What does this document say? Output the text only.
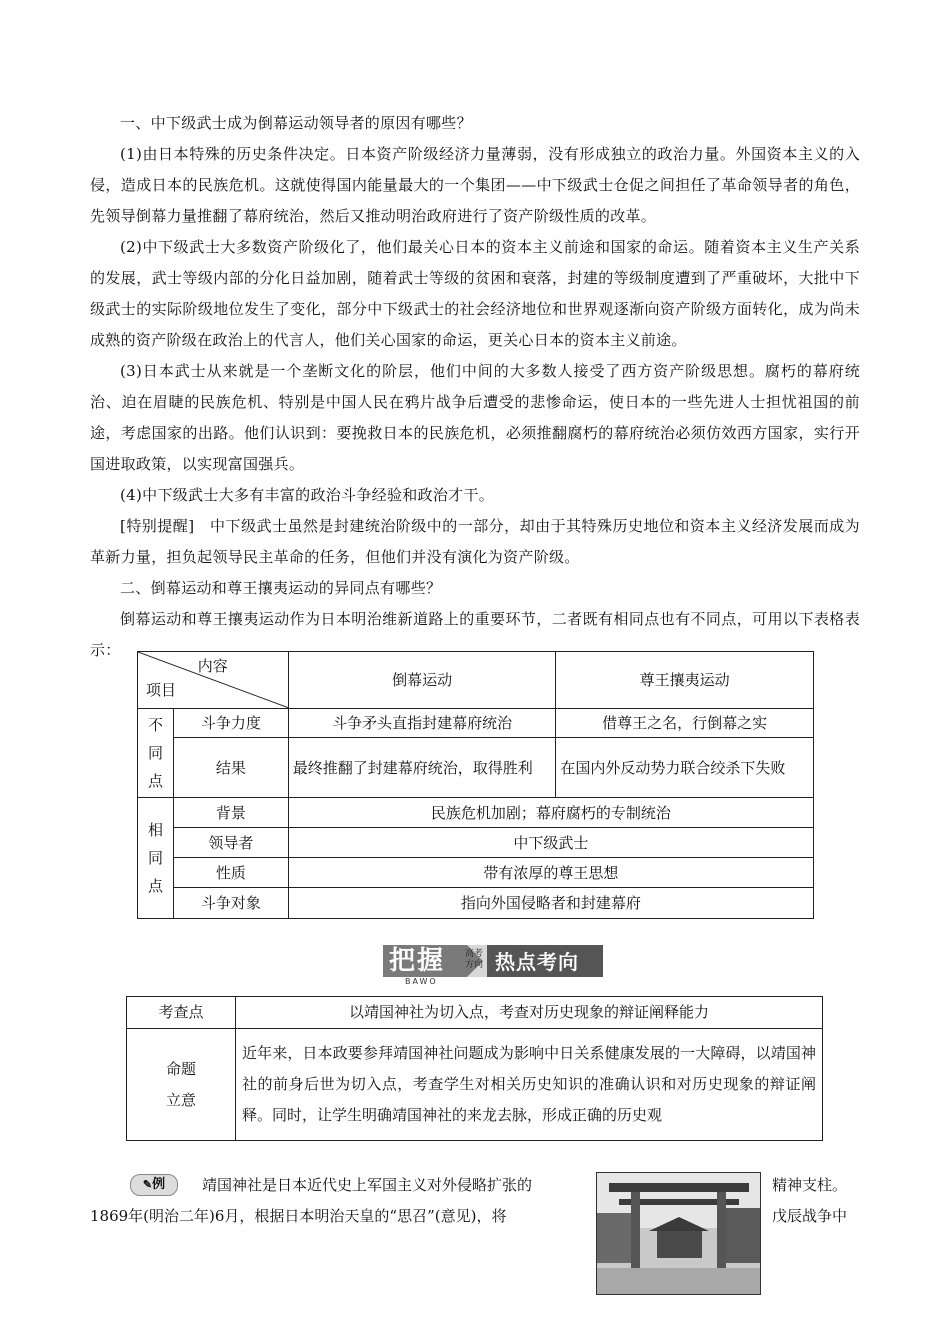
一、中下级武士成为倒幕运动领导者的原因有哪些？

(1)由日本特殊的历史条件决定。日本资产阶级经济力量薄弱，没有形成独立的政治力量。外国资本主义的入侵，造成日本的民族危机。这就使得国内能量最大的一个集团——中下级武士仓促之间担任了革命领导者的角色，先领导倒幕力量推翻了幕府统治，然后又推动明治政府进行了资产阶级性质的改革。

(2)中下级武士大多数资产阶级化了，他们最关心日本的资本主义前途和国家的命运。随着资本主义生产关系的发展，武士等级内部的分化日益加剧，随着武士等级的贫困和衰落，封建的等级制度遭到了严重破坏，大批中下级武士的实际阶级地位发生了变化，部分中下级武士的社会经济地位和世界观逐渐向资产阶级方面转化，成为尚未成熟的资产阶级在政治上的代言人，他们关心国家的命运，更关心日本的资本主义前途。

(3)日本武士从来就是一个垄断文化的阶层，他们中间的大多数人接受了西方资产阶级思想。腐朽的幕府统治、迫在眉睫的民族危机、特别是中国人民在鸦片战争后遭受的悲惨命运，使日本的一些先进人士担忧祖国的前途，考虑国家的出路。他们认识到：要挽救日本的民族危机，必须推翻腐朽的幕府统治必须仿效西方国家，实行开国进取政策，以实现富国强兵。

(4)中下级武士大多有丰富的政治斗争经验和政治才干。

[特别提醒]　中下级武士虽然是封建统治阶级中的一部分，却由于其特殊历史地位和资本主义经济发展而成为革新力量，担负起领导民主革命的任务，但他们并没有演化为资产阶级。

二、倒幕运动和尊王攘夷运动的异同点有哪些？

倒幕运动和尊王攘夷运动作为日本明治维新道路上的重要环节，二者既有相同点也有不同点，可用以下表格表示：

内容
项目		倒幕运动	尊王攘夷运动

不同点	斗争力度	斗争矛头直指封建幕府统治	借尊王之名，行倒幕之实
	结果	最终推翻了封建幕府统治，取得胜利	在国内外反动势力联合绞杀下失败

相同点	背景	民族危机加剧；幕府腐朽的专制统治	
	领导者	中下级武士	
	性质	带有浓厚的尊王思想	
	斗争对象	指向外国侵略者和封建幕府	
把握 高考方向
BAWO
热点考向
考查点	以靖国神社为切入点，考查对历史现象的辩证阐释能力

命题
立意	近年来，日本政要参拜靖国神社问题成为影响中日关系健康发展的一大障碍，以靖国神社的前身后世为切入点，考查学生对相关历史知识的准确认识和对历史现象的辩证阐释。同时，让学生明确靖国神社的来龙去脉，形成正确的历史观
✎例	靖国神社是日本近代史上军国主义对外侵略扩张的	精神支柱。
1869年(明治二年)6月，根据日本明治天皇的“思召”(意见)，将	戊辰战争中
